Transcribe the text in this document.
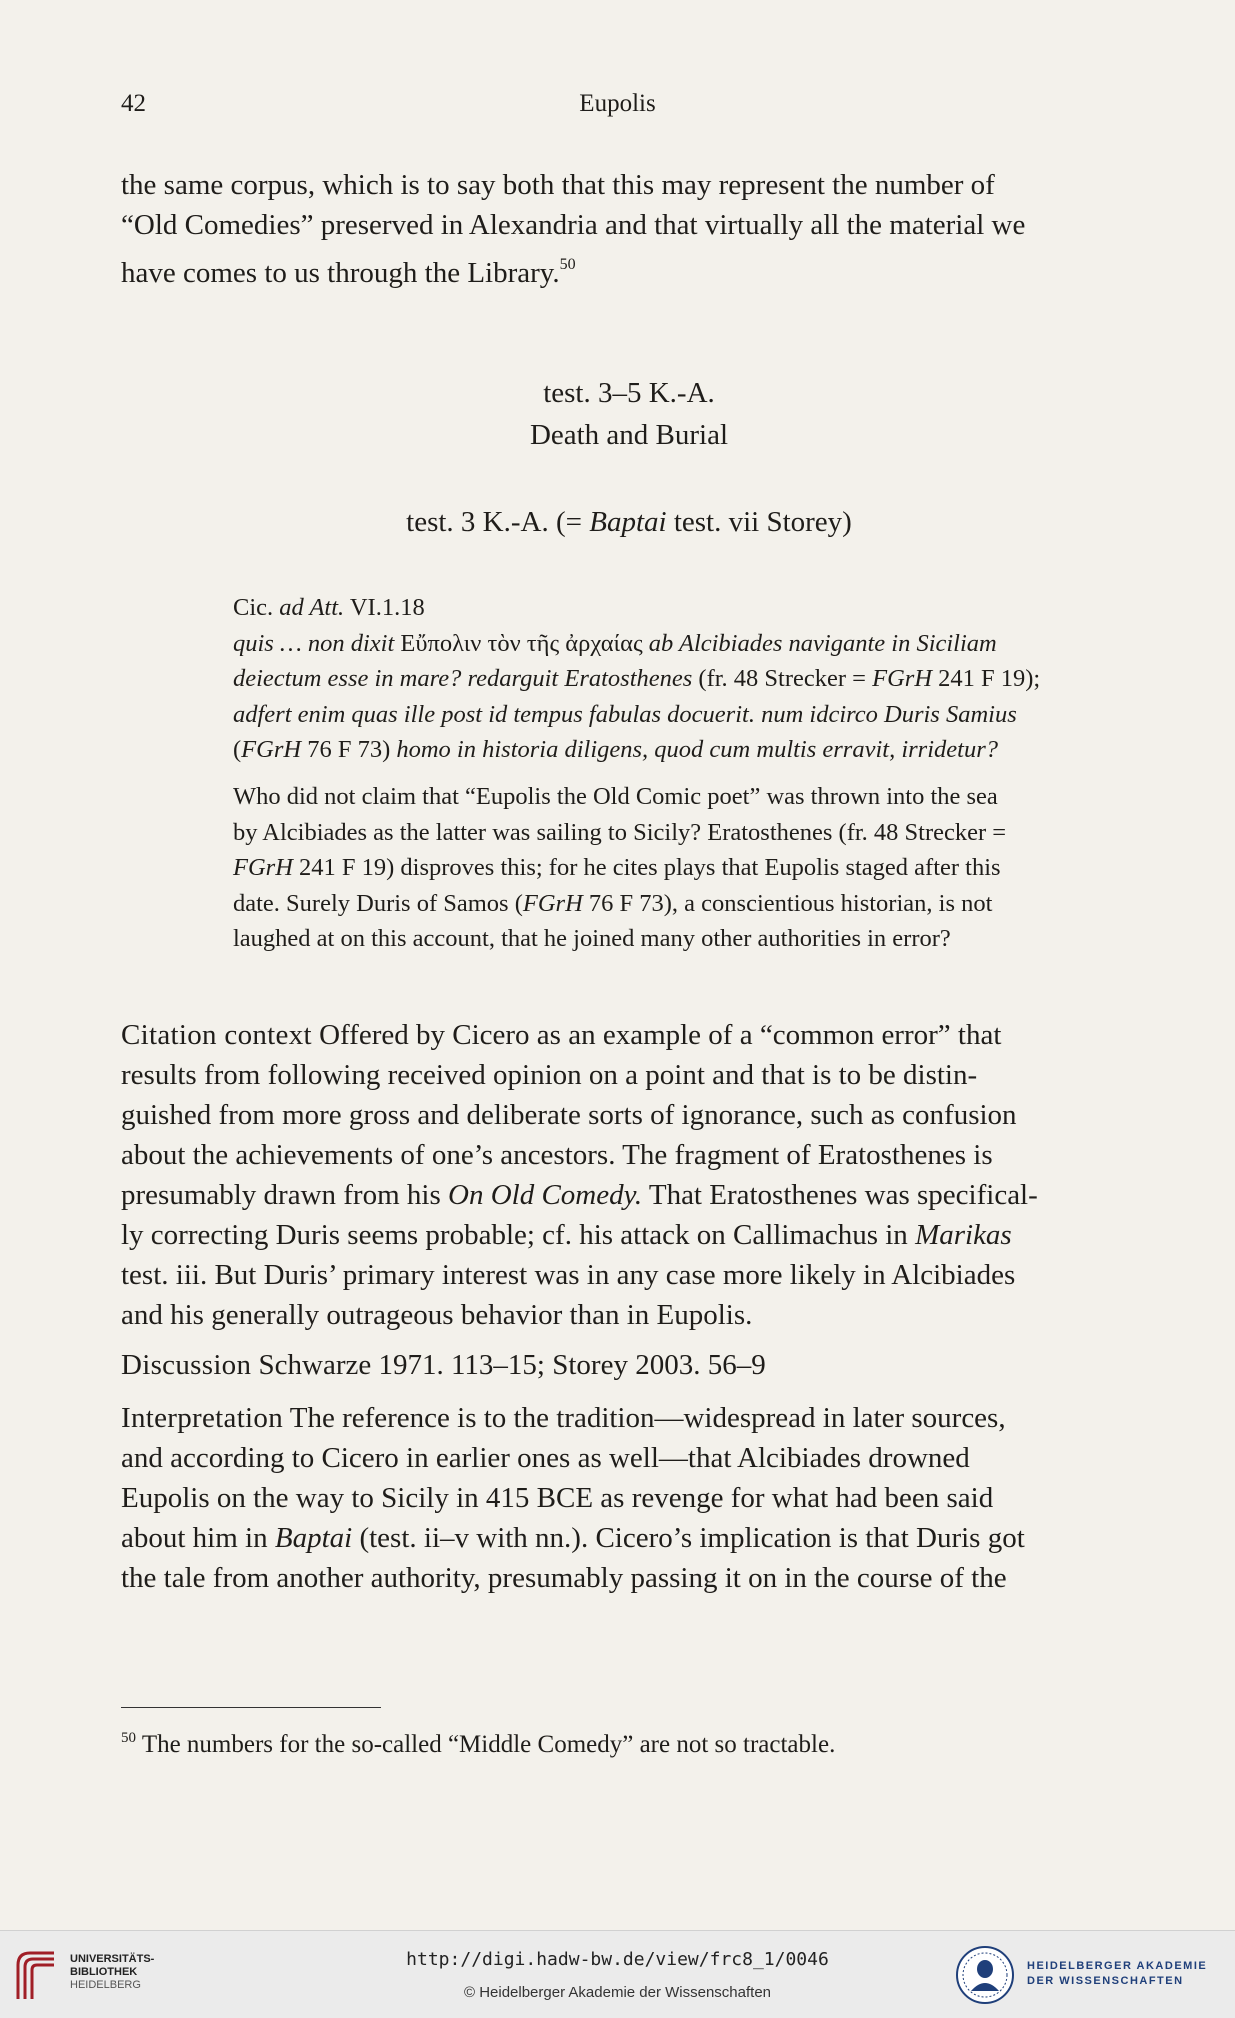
42	Eupolis
the same corpus, which is to say both that this may represent the number of
“Old Comedies” preserved in Alexandria and that virtually all the material we
have comes to us through the Library.$^{50}$
test. 3–5 K.-A.
Death and Burial
test. 3 K.-A. (= Baptai test. vii Storey)
Cic. ad Att. VI.1.18
quis … non dixit Εὔπολιν τὸν τῆς ἀρχαίας ab Alcibiades navigante in Siciliam
deiectum esse in mare? redarguit Eratosthenes (fr. 48 Strecker = FGrH 241 F 19);
adfert enim quas ille post id tempus fabulas docuerit. num idcirco Duris Samius
(FGrH 76 F 73) homo in historia diligens, quod cum multis erravit, irridetur?
Who did not claim that “Eupolis the Old Comic poet” was thrown into the sea
by Alcibiades as the latter was sailing to Sicily? Eratosthenes (fr. 48 Strecker =
FGrH 241 F 19) disproves this; for he cites plays that Eupolis staged after this
date. Surely Duris of Samos (FGrH 76 F 73), a conscientious historian, is not
laughed at on this account, that he joined many other authorities in error?
Citation context Offered by Cicero as an example of a “common error” that
results from following received opinion on a point and that is to be distin-
guished from more gross and deliberate sorts of ignorance, such as confusion
about the achievements of one’s ancestors. The fragment of Eratosthenes is
presumably drawn from his On Old Comedy. That Eratosthenes was specifical-
ly correcting Duris seems probable; cf. his attack on Callimachus in Marikas
test. iii. But Duris’ primary interest was in any case more likely in Alcibiades
and his generally outrageous behavior than in Eupolis.
Discussion Schwarze 1971. 113–15; Storey 2003. 56–9
Interpretation The reference is to the tradition—widespread in later sources,
and according to Cicero in earlier ones as well—that Alcibiades drowned
Eupolis on the way to Sicily in 415 BCE as revenge for what had been said
about him in Baptai (test. ii–v with nn.). Cicero’s implication is that Duris got
the tale from another authority, presumably passing it on in the course of the
$^{50}$ The numbers for the so-called “Middle Comedy” are not so tractable.
UNIVERSITÄTS-
BIBLIOTHEK
HEIDELBERG
http://digi.hadw-bw.de/view/frc8_1/0046
© Heidelberger Akademie der Wissenschaften
HEIDELBERGER AKADEMIE
DER WISSENSCHAFTEN
